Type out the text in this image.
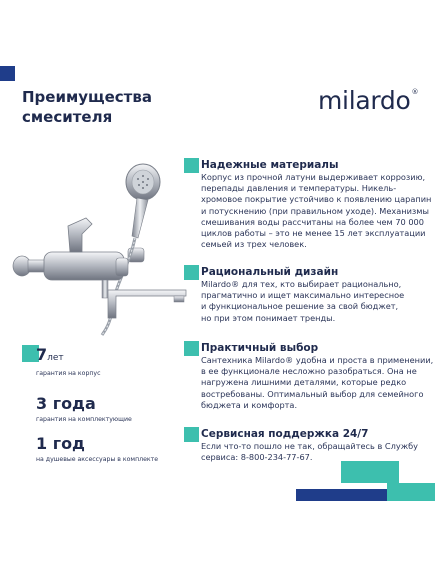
Преимущества
смесителя
milardo®
Надежные материалы
Корпус из прочной латуни выдерживает коррозию,
перепады давления и температуры. Никель-
хромовое покрытие устойчиво к появлению царапин
и потускнению (при правильном уходе). Механизмы
смешивания воды рассчитаны на более чем 70 000
циклов работы – это не менее 15 лет эксплуатации
семьей из трех человек.
Рациональный дизайн
Milardo® для тех, кто выбирает рационально,
прагматично и ищет максимально интересное
и функциональное решение за свой бюджет,
но при этом понимает тренды.
Практичный выбор
Сантехника Milardo® удобна и проста в применении,
в ее функционале несложно разобраться. Она не
нагружена лишними деталями, которые редко
востребованы. Оптимальный выбор для семейного
бюджета и комфорта.
Сервисная поддержка 24/7
Если что-то пошло не так, обращайтесь в Службу
сервиса: 8-800-234-77-67.
7лет
гарантия на корпус
3 года
гарантия на комплектующие
1 год
на душевые аксессуары в комплекте
